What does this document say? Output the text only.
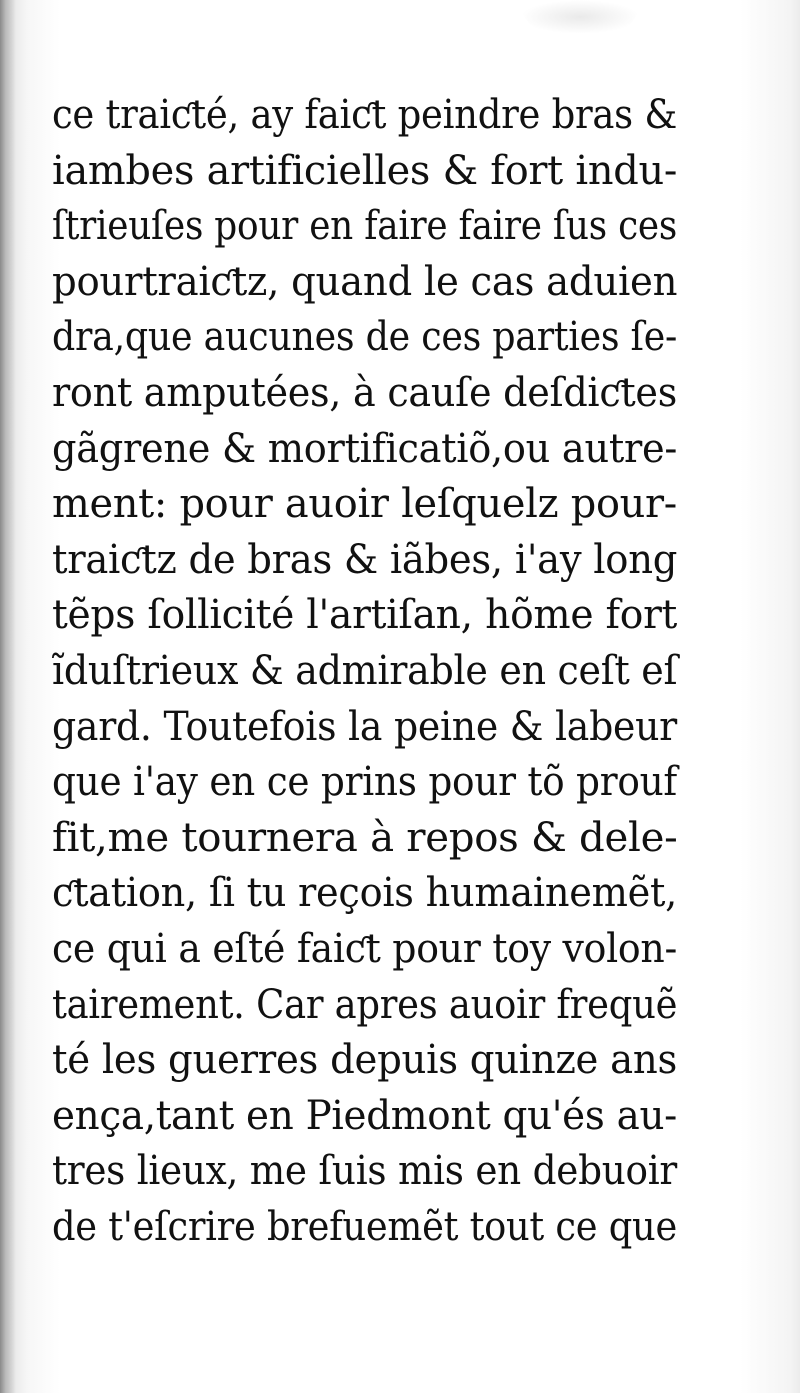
ce traiƈté, ay faiƈt peindre bras &
iambes artificielles & fort indu-
ſtrieuſes pour en faire faire ſus ces
pourtraiƈtz, quand le cas aduien
dra,que aucunes de ces parties ſe-
ront amputées, à cauſe deſdiƈtes
gãgrene & mortificatiõ,ou autre-
ment: pour auoir leſquelz pour-
traiƈtz de bras & iãbes, i'ay long
tẽps ſollicité l'artiſan, hõme fort
ĩduſtrieux & admirable en ceſt eſ
gard. Toutefois la peine & labeur
que i'ay en ce prins pour tõ prouf
fit,me tournera à repos & dele-
ƈtation, ſi tu reçois humainemẽt,
ce qui a eſté faiƈt pour toy volon-
tairement. Car apres auoir frequẽ
té les guerres depuis quinze ans
ença,tant en Piedmont qu'és au-
tres lieux, me ſuis mis en debuoir
de t'eſcrire brefuemẽt tout ce que
